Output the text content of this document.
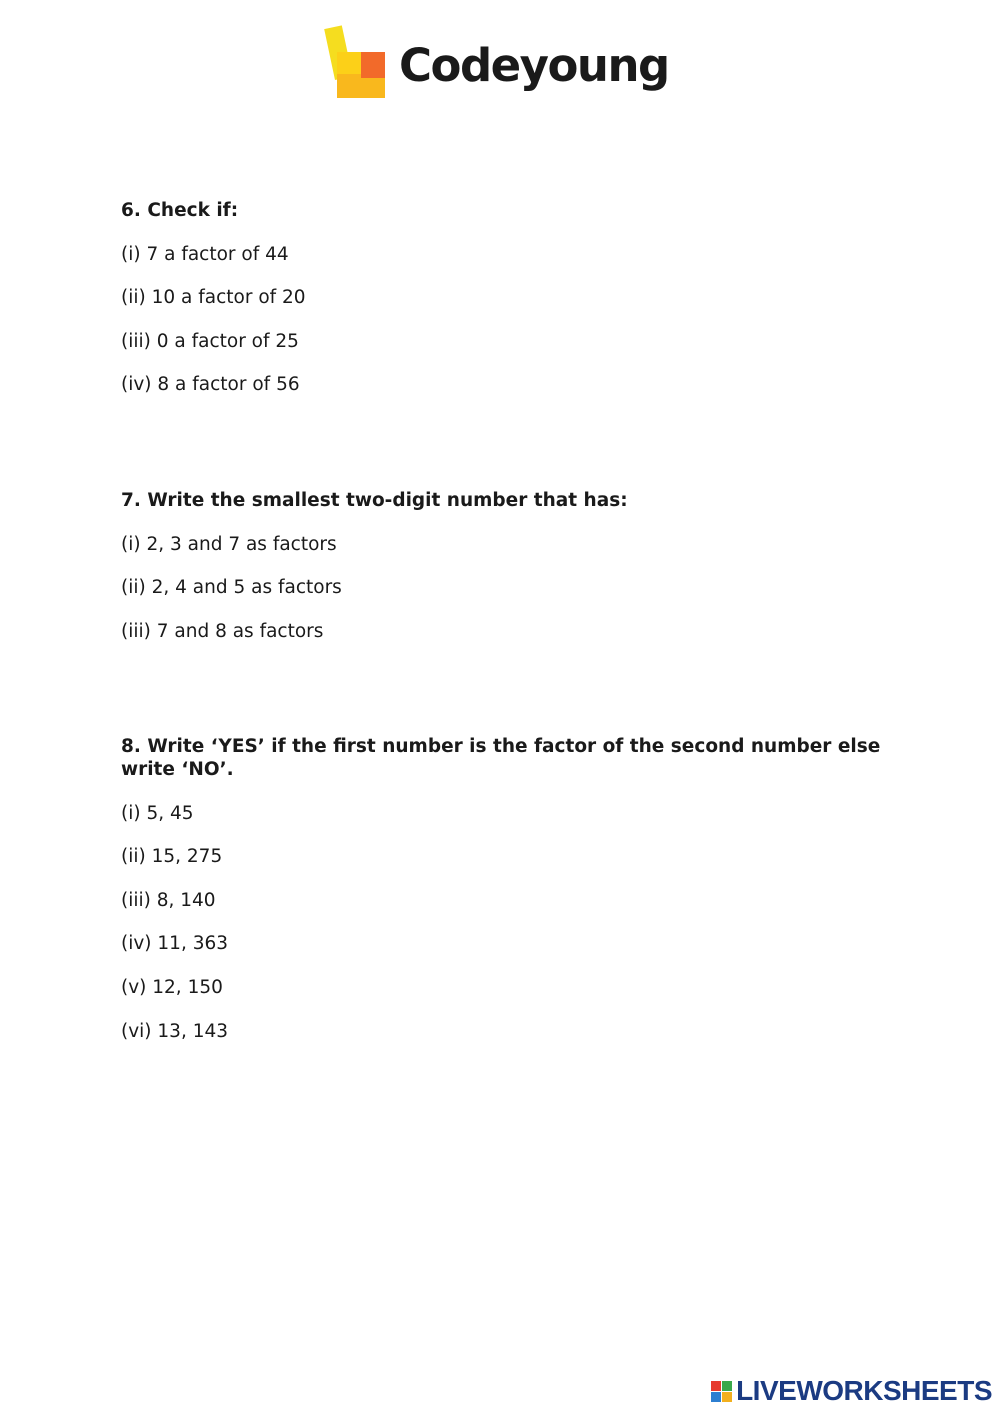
Codeyoung

6. Check if:

(i) 7 a factor of 44
(ii) 10 a factor of 20
(iii) 0 a factor of 25
(iv) 8 a factor of 56

7. Write the smallest two-digit number that has:

(i) 2, 3 and 7 as factors
(ii) 2, 4 and 5 as factors
(iii) 7 and 8 as factors

8. Write ‘YES’ if the first number is the factor of the second number else write ‘NO’.

(i) 5, 45
(ii) 15, 275
(iii) 8, 140
(iv) 11, 363
(v) 12, 150
(vi) 13, 143
LIVEWORKSHEETS
